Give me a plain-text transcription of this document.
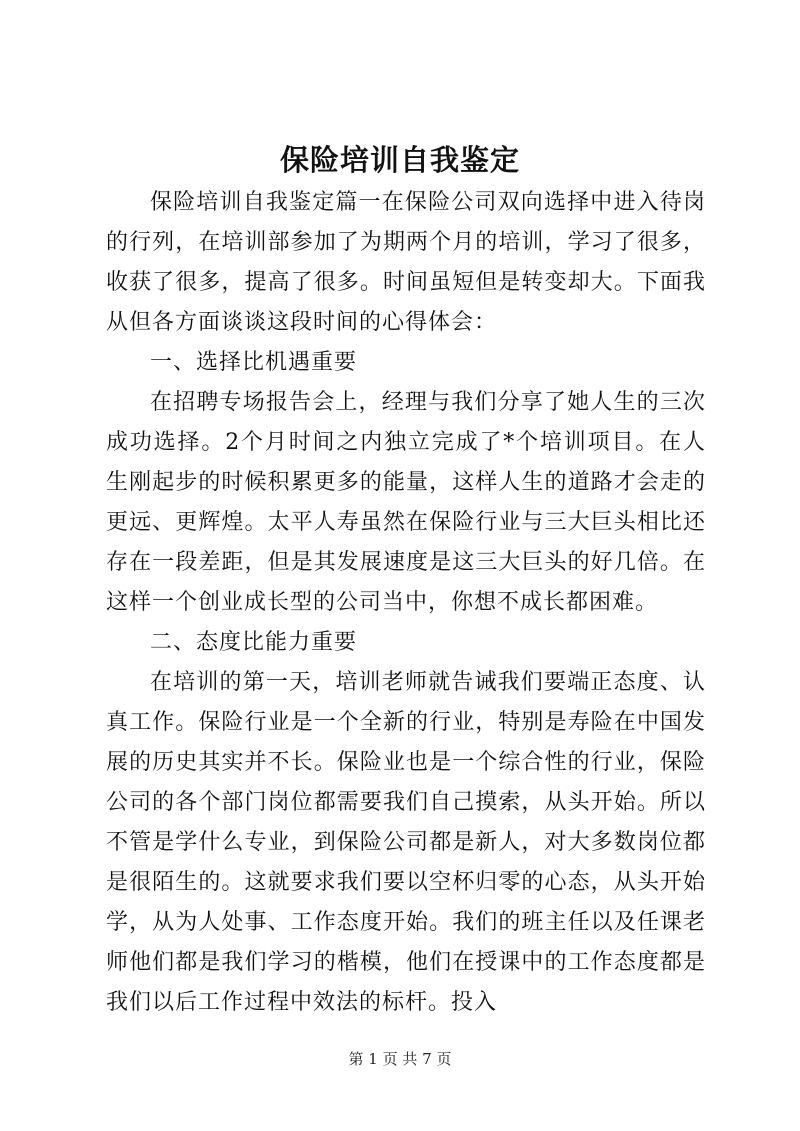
保险培训自我鉴定

保险培训自我鉴定篇一在保险公司双向选择中进入待岗的行列，在培训部参加了为期两个月的培训，学习了很多，收获了很多，提高了很多。时间虽短但是转变却大。下面我从但各方面谈谈这段时间的心得体会：

一、选择比机遇重要

在招聘专场报告会上，经理与我们分享了她人生的三次成功选择。2个月时间之内独立完成了*个培训项目。在人生刚起步的时候积累更多的能量，这样人生的道路才会走的更远、更辉煌。太平人寿虽然在保险行业与三大巨头相比还存在一段差距，但是其发展速度是这三大巨头的好几倍。在这样一个创业成长型的公司当中，你想不成长都困难。

二、态度比能力重要

在培训的第一天，培训老师就告诫我们要端正态度、认真工作。保险行业是一个全新的行业，特别是寿险在中国发展的历史其实并不长。保险业也是一个综合性的行业，保险公司的各个部门岗位都需要我们自己摸索，从头开始。所以不管是学什么专业，到保险公司都是新人，对大多数岗位都是很陌生的。这就要求我们要以空杯归零的心态，从头开始学，从为人处事、工作态度开始。我们的班主任以及任课老师他们都是我们学习的楷模，他们在授课中的工作态度都是我们以后工作过程中效法的标杆。投入

第 1 页 共 7 页
